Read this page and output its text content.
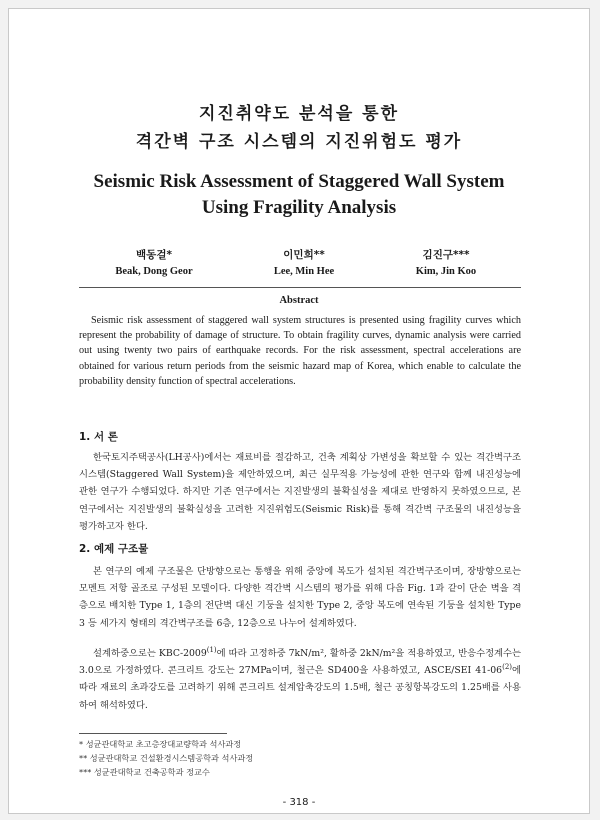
지진취약도 분석을 통한
격간벽 구조 시스템의 지진위험도 평가
Seismic Risk Assessment of Staggered Wall System
Using Fragility Analysis
백동걸*
Beak, Dong Geor
이민희**
Lee, Min Hee
김진구***
Kim, Jin Koo
Abstract
Seismic risk assessment of staggered wall system structures is presented using fragility curves which represent the probability of damage of structure. To obtain fragility curves, dynamic analysis were carried out using twenty two pairs of earthquake records. For the risk assessment, spectral accelerations are obtained for various return periods from the seismic hazard map of Korea, which enable to calculate the probability density function of spectral accelerations.
1. 서 론
한국토지주택공사(LH공사)에서는 재료비를 절감하고, 건축 계획상 가변성을 확보할 수 있는 격간벽구조시스템(Staggered Wall System)을 제안하였으며, 최근 실무적용 가능성에 관한 연구와 함께 내진성능에 관한 연구가 수행되었다. 하지만 기존 연구에서는 지진발생의 불확실성을 제대로 반영하지 못하였으므로, 본 연구에서는 지진발생의 불확실성을 고려한 지진위험도(Seismic Risk)를 통해 격간벽 구조물의 내진성능을 평가하고자 한다.
2. 예제 구조물
본 연구의 예제 구조물은 단방향으로는 통행을 위해 중앙에 복도가 설치된 격간벽구조이며, 장방향으로는 모멘트 저항 골조로 구성된 모델이다. 다양한 격간벽 시스템의 평가를 위해 다음 Fig. 1과 같이 단순 벽을 격층으로 배치한 Type 1, 1층의 전단벽 대신 기둥을 설치한 Type 2, 중앙 복도에 연속된 기둥을 설치한 Type 3 등 세가지 형태의 격간벽구조를 6층, 12층으로 나누어 설계하였다.
설계하중으로는 KBC-2009$^{(1)}$에 따라 고정하중 7kN/m², 활하중 2kN/m²을 적용하였고, 반응수정계수는 3.0으로 가정하였다. 콘크리트 강도는 27MPa이며, 철근은 SD400을 사용하였고, ASCE/SEI 41-06$^{(2)}$에 따라 재료의 초과강도를 고려하기 위해 콘크리트 설계압축강도의 1.5배, 철근 공칭항복강도의 1.25배를 사용하여 해석하였다.
* 성균관대학교 초고층장대교량학과 석사과정
** 성균관대학교 건설환경시스템공학과 석사과정
*** 성균관대학교 건축공학과 정교수
- 318 -
